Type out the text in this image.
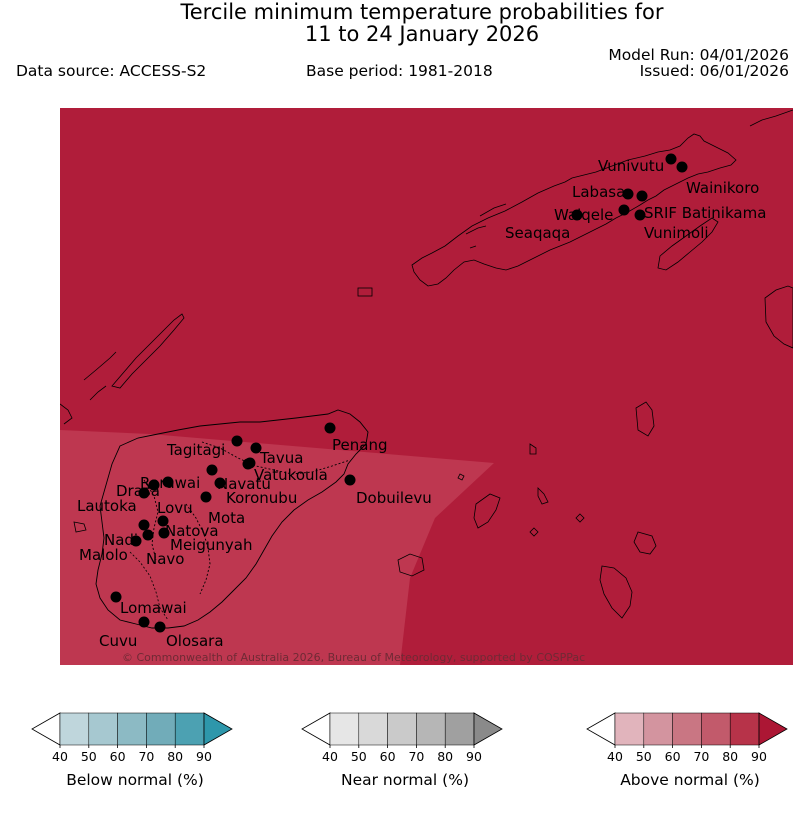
Tercile minimum temperature probabilities for
11 to 24 January 2026
Data source: ACCESS-S2	Base period: 1981-2018
Model Run: 04/01/2026
Issued: 06/01/2026
Vunivutu
Wainikoro
Labasa
Waiqele SRIF Batinikama
Vunimoli
Seaqaqa
Tagitagi Tavua
Penang
Rarawai Navatu
Vatukoula
Drasa	Koronubu
Lautoka Lovu
Mota
Dobuilevu
Nadi Natova
Meigunyah
Malolo Navo
Lomawai
Cuvu Olosara
© Commonwealth of Australia 2026, Bureau of Meteorology, supported by COSPPac
40 50 60 70 80 90
Below normal (%)
40 50 60 70 80 90
Near normal (%)
40 50 60 70 80 90
Above normal (%)
